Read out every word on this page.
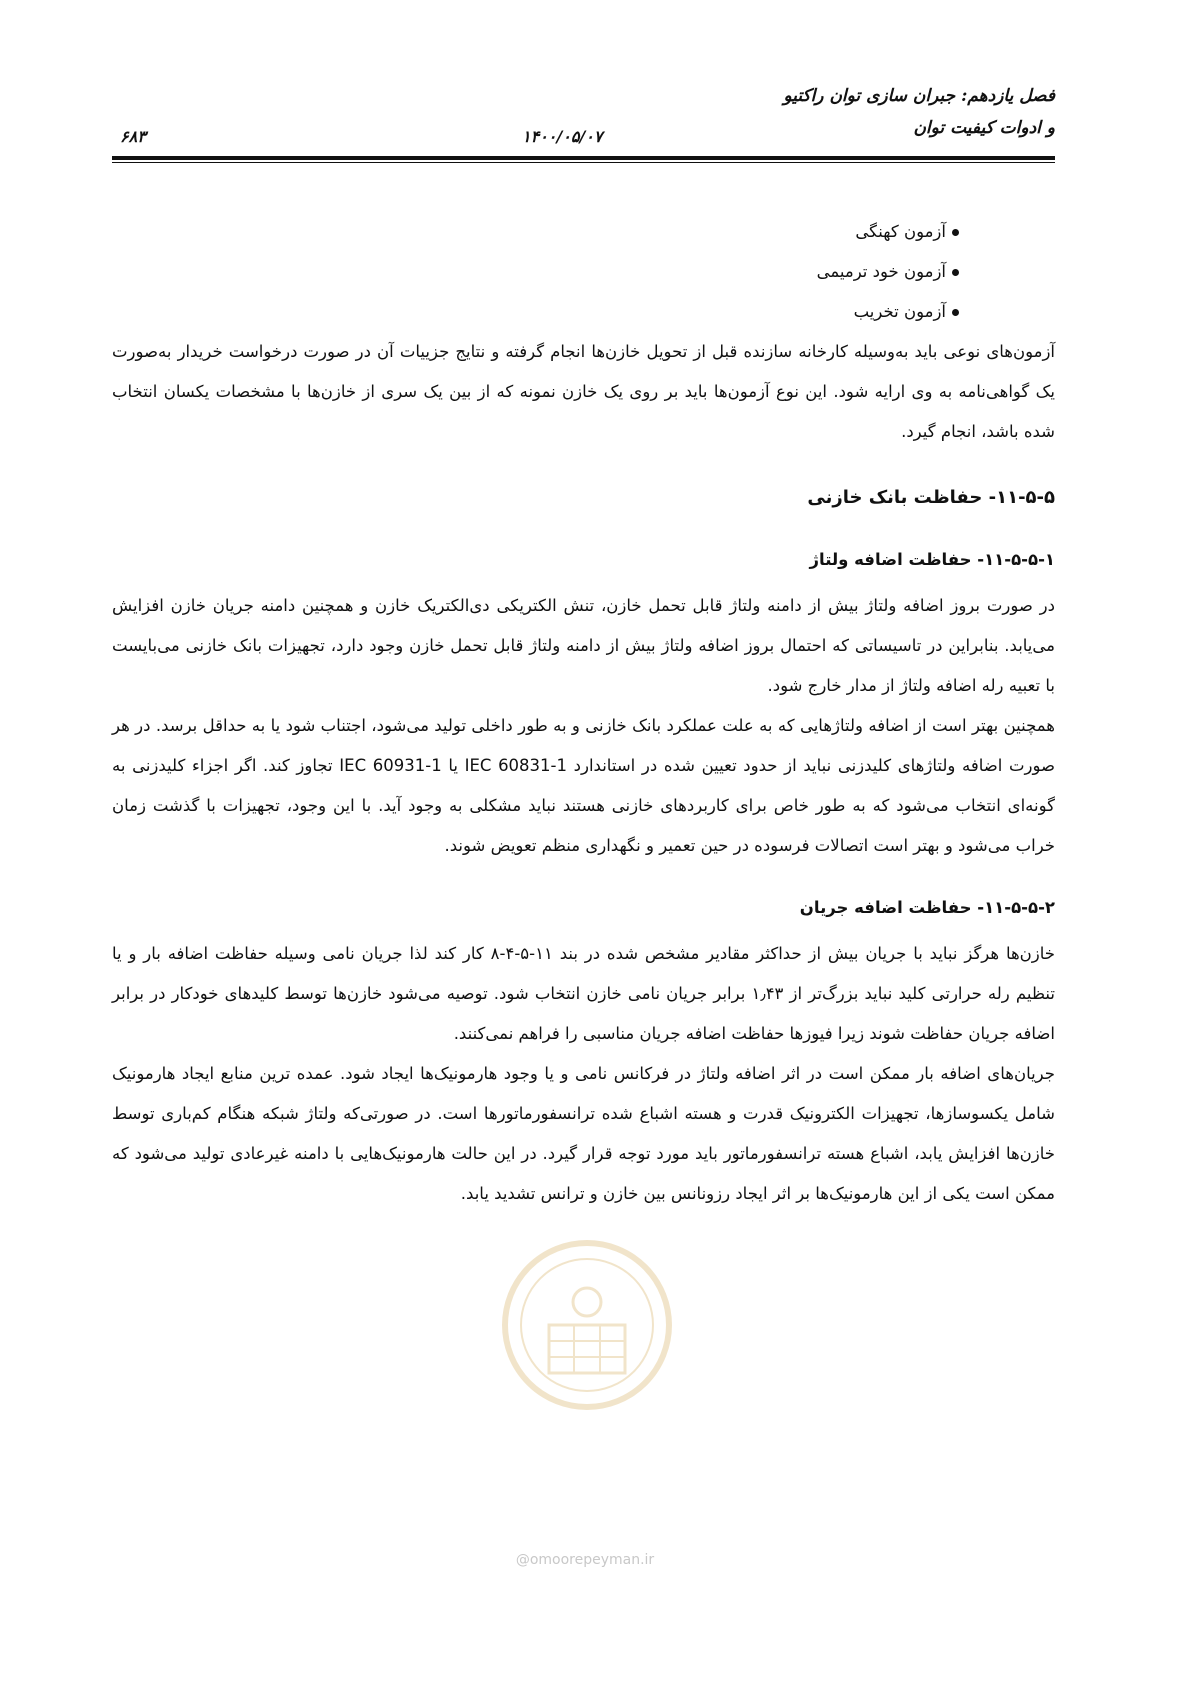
فصل یازدهم: جبران سازی توان راکتیو
و ادوات کیفیت توان
۱۴۰۰/۰۵/۰۷
۶۸۳
آزمون کهنگی
آزمون خود ترمیمی
آزمون تخریب

آزمون‌های نوعی باید به‌وسیله کارخانه سازنده قبل از تحویل خازن‌ها انجام گرفته و نتایج جزییات آن در صورت درخواست خریدار به‌صورت یک گواهی‌نامه به وی ارایه شود. این نوع آزمون‌ها باید بر روی یک خازن نمونه که از بین یک سری از خازن‌ها با مشخصات یکسان انتخاب شده باشد، انجام گیرد.

۱۱-۵-۵- حفاظت بانک خازنی
۱۱-۵-۵-۱- حفاظت اضافه ولتاژ

در صورت بروز اضافه ولتاژ بیش از دامنه ولتاژ قابل تحمل خازن، تنش الکتریکی دی‌الکتریک خازن و همچنین دامنه جریان خازن افزایش می‌یابد. بنابراین در تاسیساتی که احتمال بروز اضافه ولتاژ بیش از دامنه ولتاژ قابل تحمل خازن وجود دارد، تجهیزات بانک خازنی می‌بایست با تعبیه رله اضافه ولتاژ از مدار خارج شود.

همچنین بهتر است از اضافه ولتاژهایی که به علت عملکرد بانک خازنی و به طور داخلی تولید می‌شود، اجتناب شود یا به حداقل برسد. در هر صورت اضافه ولتاژهای کلیدزنی نباید از حدود تعیین شده در استاندارد IEC 60831-1 یا IEC 60931-1 تجاوز کند. اگر اجزاء کلیدزنی به گونه‌ای انتخاب می‌شود که به طور خاص برای کاربردهای خازنی هستند نباید مشکلی به وجود آید. با این وجود، تجهیزات با گذشت زمان خراب می‌شود و بهتر است اتصالات فرسوده در حین تعمیر و نگهداری منظم تعویض شوند.

۱۱-۵-۵-۲- حفاظت اضافه جریان

خازن‌ها هرگز نباید با جریان بیش از حداکثر مقادیر مشخص شده در بند ۱۱-۵-۴-۸ کار کند لذا جریان نامی وسیله حفاظت اضافه بار و یا تنظیم رله حرارتی کلید نباید بزرگ‌تر از ۱٫۴۳ برابر جریان نامی خازن انتخاب شود. توصیه می‌شود خازن‌ها توسط کلیدهای خودکار در برابر اضافه جریان حفاظت شوند زیرا فیوزها حفاظت اضافه جریان مناسبی را فراهم نمی‌کنند.

جریان‌های اضافه بار ممکن است در اثر اضافه ولتاژ در فرکانس نامی و یا وجود هارمونیک‌ها ایجاد شود. عمده ترین منابع ایجاد هارمونیک شامل یکسوسازها، تجهیزات الکترونیک قدرت و هسته اشباع شده ترانسفورماتورها است. در صورتی‌که ولتاژ شبکه هنگام کم‌باری توسط خازن‌ها افزایش یابد، اشباع هسته ترانسفورماتور باید مورد توجه قرار گیرد. در این حالت هارمونیک‌هایی با دامنه غیرعادی تولید می‌شود که ممکن است یکی از این هارمونیک‌ها بر اثر ایجاد رزونانس بین خازن و ترانس تشدید یابد.

@omoorepeyman.ir
